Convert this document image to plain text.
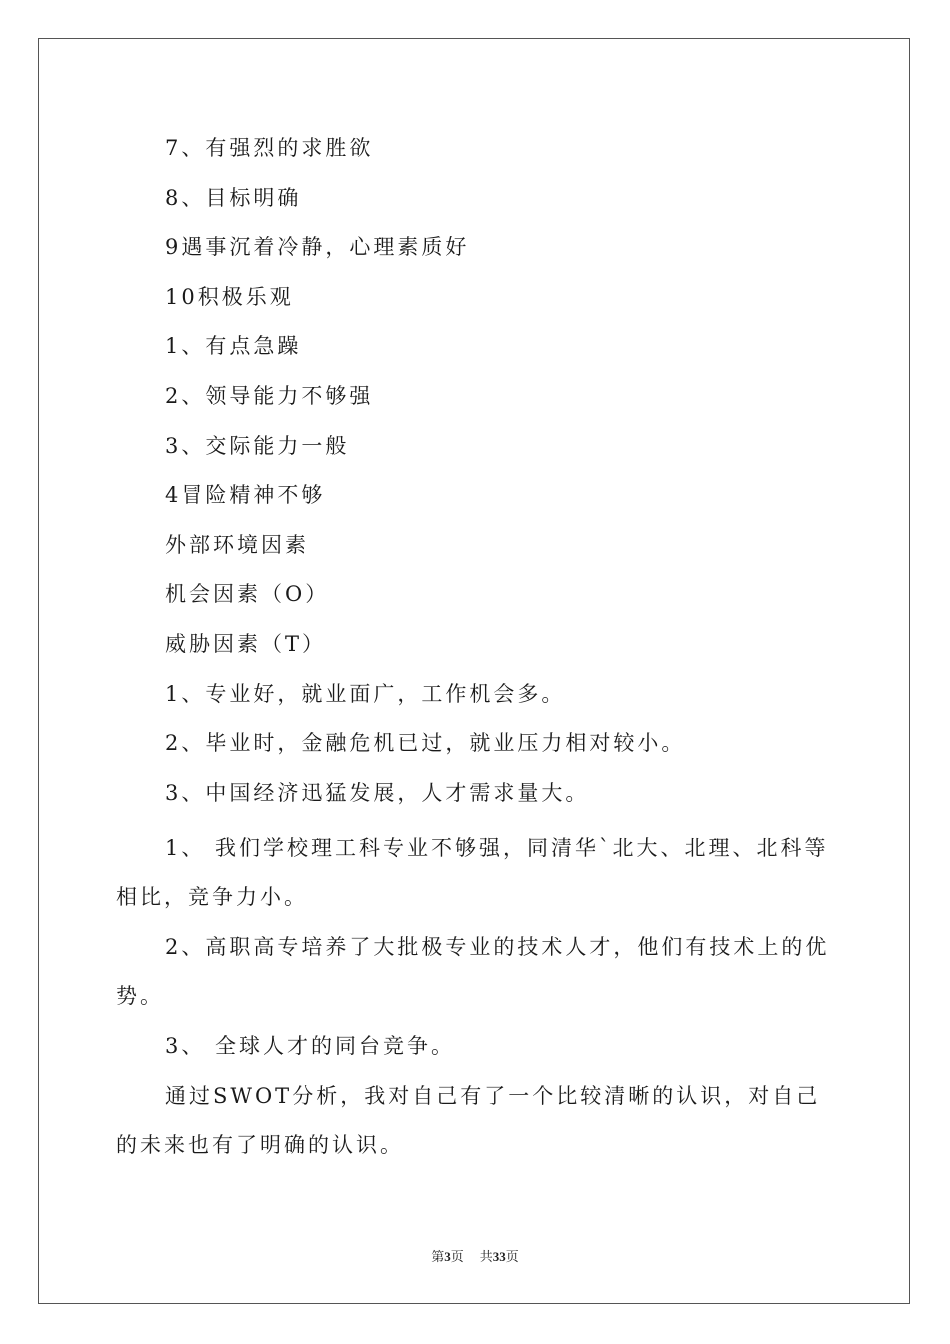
7、有强烈的求胜欲

8、目标明确

9遇事沉着冷静，心理素质好

10积极乐观

1、有点急躁

2、领导能力不够强

3、交际能力一般

4冒险精神不够

外部环境因素

机会因素（O）

威胁因素（T）

1、专业好，就业面广，工作机会多。

2、毕业时，金融危机已过，就业压力相对较小。

3、中国经济迅猛发展，人才需求量大。

1、 我们学校理工科专业不够强，同清华`北大、北理、北科等相比，竞争力小。

2、高职高专培养了大批极专业的技术人才，他们有技术上的优势。

3、 全球人才的同台竞争。

通过SWOT分析，我对自己有了一个比较清晰的认识，对自己的未来也有了明确的认识。

第3页 共33页
